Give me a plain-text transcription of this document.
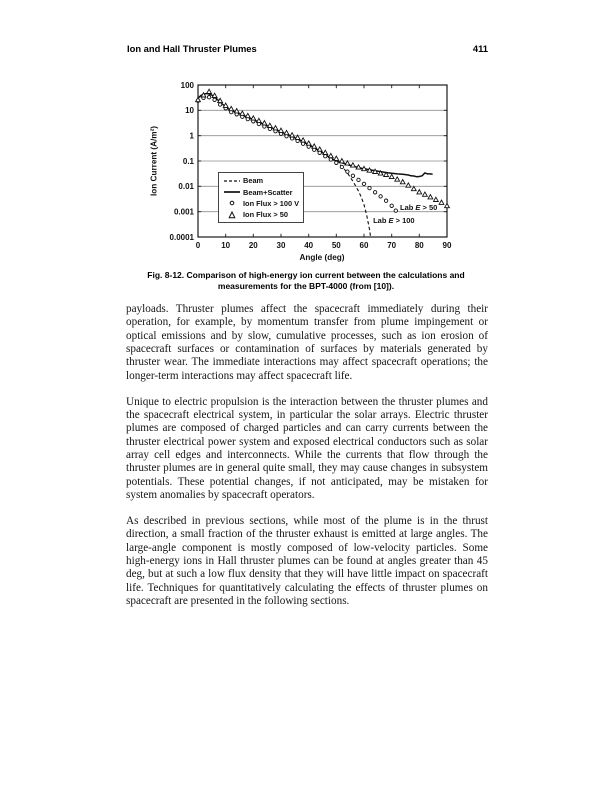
Ion and Hall Thruster Plumes	411
0	10 20 30 40 50 60 70 80 90
100
10
1
0.1
0.01
0.001
0.0001
Ion Current (A/m²)
Angle (deg)
Beam
Beam+Scatter
Ion Flux > 100 V
Ion Flux > 50
Lab E > 50
Lab E > 100
Fig. 8-12. Comparison of high-energy ion current between the calculations and
measurements for the BPT-4000 (from [10]).

payloads. Thruster plumes affect the spacecraft immediately during their operation, for example, by momentum transfer from plume impingement or optical emissions and by slow, cumulative processes, such as ion erosion of spacecraft surfaces or contamination of surfaces by materials generated by thruster wear. The immediate interactions may affect spacecraft operations; the longer-term interactions may affect spacecraft life.

Unique to electric propulsion is the interaction between the thruster plumes and the spacecraft electrical system, in particular the solar arrays. Electric thruster plumes are composed of charged particles and can carry currents between the thruster electrical power system and exposed electrical conductors such as solar array cell edges and interconnects. While the currents that flow through the thruster plumes are in general quite small, they may cause changes in subsystem potentials. These potential changes, if not anticipated, may be mistaken for system anomalies by spacecraft operators.

As described in previous sections, while most of the plume is in the thrust direction, a small fraction of the thruster exhaust is emitted at large angles. The large-angle component is mostly composed of low-velocity particles. Some high-energy ions in Hall thruster plumes can be found at angles greater than 45 deg, but at such a low flux density that they will have little impact on spacecraft life. Techniques for quantitatively calculating the effects of thruster plumes on spacecraft are presented in the following sections.
